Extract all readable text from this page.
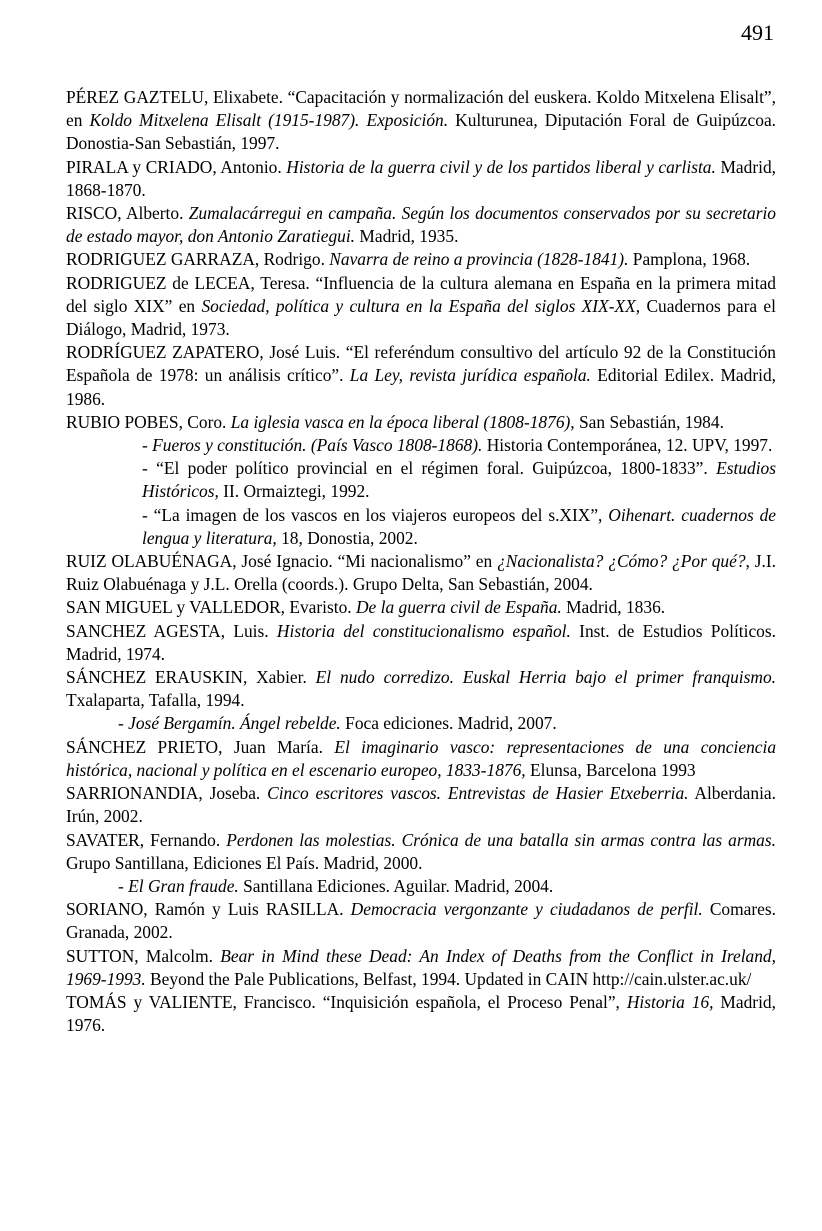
491
PÉREZ GAZTELU, Elixabete. “Capacitación y normalización del euskera. Koldo Mitxelena Elisalt”, en Koldo Mitxelena Elisalt (1915-1987). Exposición. Kulturunea, Diputación Foral de Guipúzcoa. Donostia-San Sebastián, 1997.
PIRALA y CRIADO, Antonio. Historia de la guerra civil y de los partidos liberal y carlista. Madrid, 1868-1870.
RISCO, Alberto. Zumalacárregui en campaña. Según los documentos conservados por su secretario de estado mayor, don Antonio Zaratiegui. Madrid, 1935.
RODRIGUEZ GARRAZA, Rodrigo. Navarra de reino a provincia (1828-1841). Pamplona, 1968.
RODRIGUEZ de LECEA, Teresa. “Influencia de la cultura alemana en España en la primera mitad del siglo XIX” en Sociedad, política y cultura en la España del siglos XIX-XX, Cuadernos para el Diálogo, Madrid, 1973.
RODRÍGUEZ ZAPATERO, José Luis. “El referéndum consultivo del artículo 92 de la Constitución Española de 1978: un análisis crítico”. La Ley, revista jurídica española. Editorial Edilex. Madrid, 1986.
RUBIO POBES, Coro. La iglesia vasca en la época liberal (1808-1876), San Sebastián, 1984.
- Fueros y constitución. (País Vasco 1808-1868). Historia Contemporánea, 12. UPV, 1997.
- “El poder político provincial en el régimen foral. Guipúzcoa, 1800-1833”. Estudios Históricos, II. Ormaiztegi, 1992.
- “La imagen de los vascos en los viajeros europeos del s.XIX”, Oihenart. cuadernos de lengua y literatura, 18, Donostia, 2002.
RUIZ OLABUÉNAGA, José Ignacio. “Mi nacionalismo” en ¿Nacionalista? ¿Cómo? ¿Por qué?, J.I. Ruiz Olabuénaga y J.L. Orella (coords.). Grupo Delta, San Sebastián, 2004.
SAN MIGUEL y VALLEDOR, Evaristo. De la guerra civil de España. Madrid, 1836.
SANCHEZ AGESTA, Luis. Historia del constitucionalismo español. Inst. de Estudios Políticos. Madrid, 1974.
SÁNCHEZ ERAUSKIN, Xabier. El nudo corredizo. Euskal Herria bajo el primer franquismo. Txalaparta, Tafalla, 1994.
- José Bergamín. Ángel rebelde. Foca ediciones. Madrid, 2007.
SÁNCHEZ PRIETO, Juan María. El imaginario vasco: representaciones de una conciencia histórica, nacional y política en el escenario europeo, 1833-1876, Elunsa, Barcelona 1993
SARRIONANDIA, Joseba. Cinco escritores vascos. Entrevistas de Hasier Etxeberria. Alberdania. Irún, 2002.
SAVATER, Fernando. Perdonen las molestias. Crónica de una batalla sin armas contra las armas. Grupo Santillana, Ediciones El País. Madrid, 2000.
- El Gran fraude. Santillana Ediciones. Aguilar. Madrid, 2004.
SORIANO, Ramón y Luis RASILLA. Democracia vergonzante y ciudadanos de perfil. Comares. Granada, 2002.
SUTTON, Malcolm. Bear in Mind these Dead: An Index of Deaths from the Conflict in Ireland, 1969-1993. Beyond the Pale Publications, Belfast, 1994. Updated in CAIN http://cain.ulster.ac.uk/
TOMÁS y VALIENTE, Francisco. “Inquisición española, el Proceso Penal”, Historia 16, Madrid, 1976.
